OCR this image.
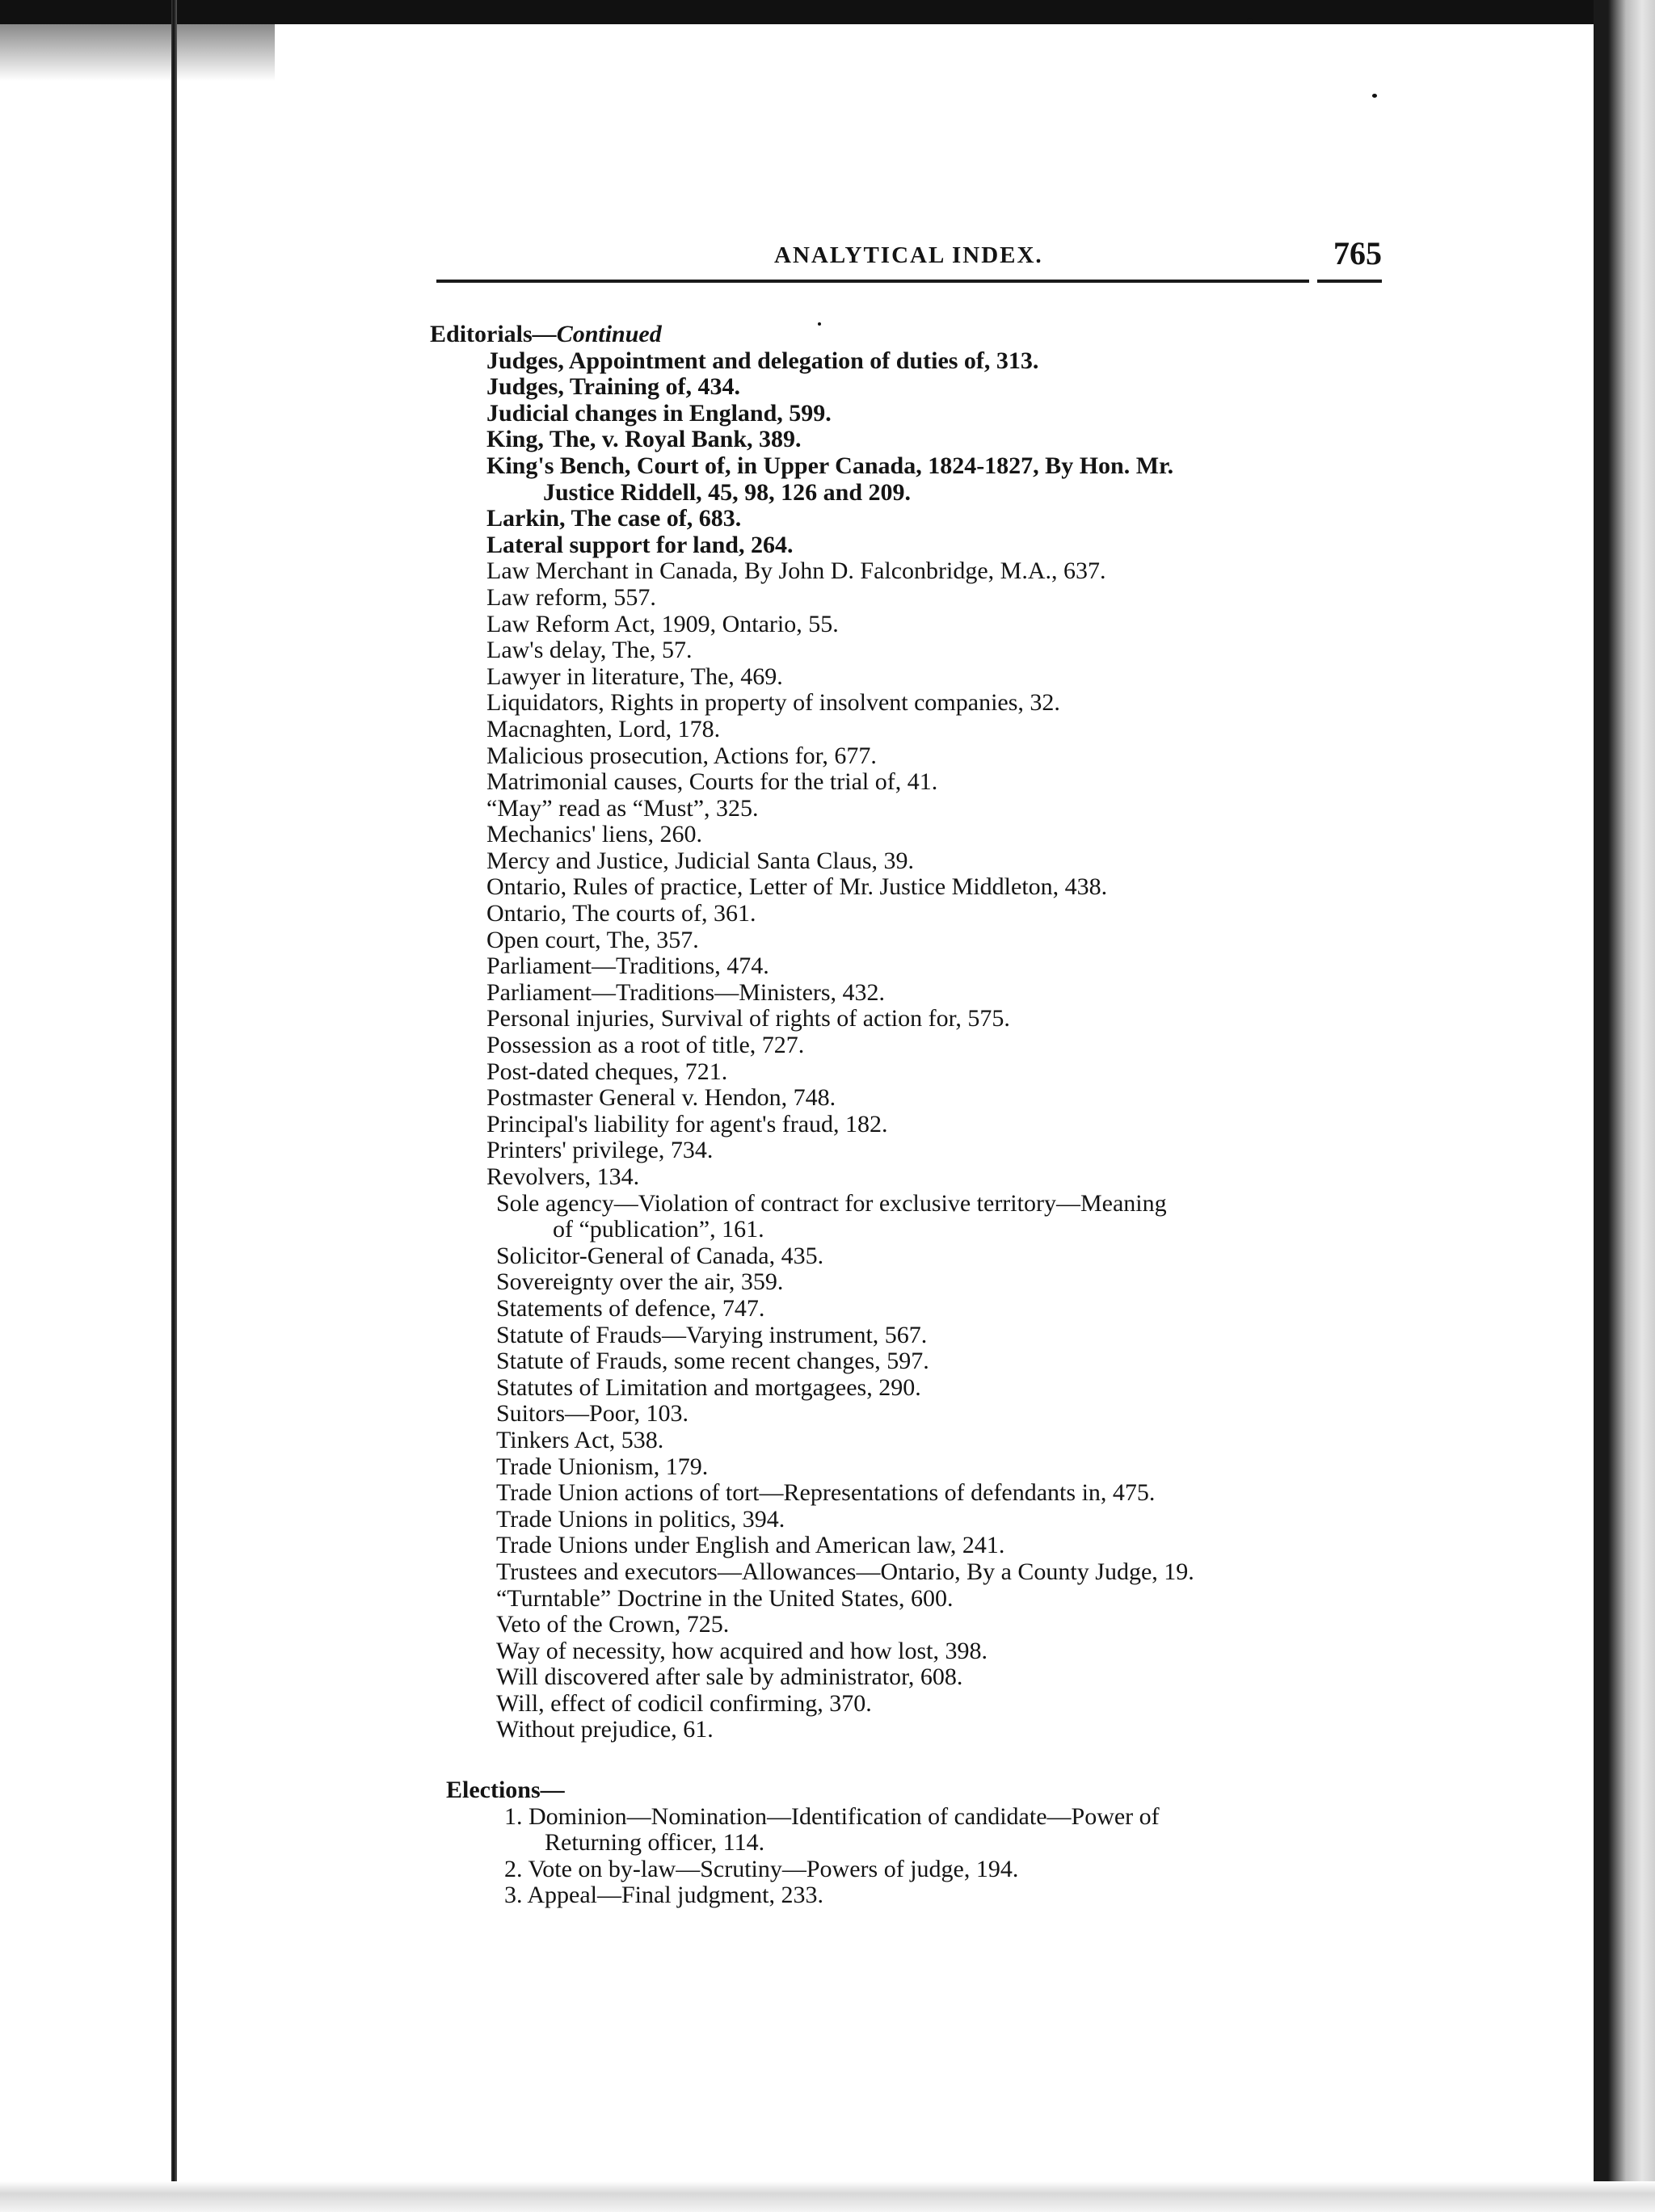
ANALYTICAL INDEX.	765
Editorials—Continued
Judges, Appointment and delegation of duties of, 313.
Judges, Training of, 434.
Judicial changes in England, 599.
King, The, v. Royal Bank, 389.
King's Bench, Court of, in Upper Canada, 1824-1827, By Hon. Mr.
Justice Riddell, 45, 98, 126 and 209.
Larkin, The case of, 683.
Lateral support for land, 264.
Law Merchant in Canada, By John D. Falconbridge, M.A., 637.
Law reform, 557.
Law Reform Act, 1909, Ontario, 55.
Law's delay, The, 57.
Lawyer in literature, The, 469.
Liquidators, Rights in property of insolvent companies, 32.
Macnaghten, Lord, 178.
Malicious prosecution, Actions for, 677.
Matrimonial causes, Courts for the trial of, 41.
“May” read as “Must”, 325.
Mechanics' liens, 260.
Mercy and Justice, Judicial Santa Claus, 39.
Ontario, Rules of practice, Letter of Mr. Justice Middleton, 438.
Ontario, The courts of, 361.
Open court, The, 357.
Parliament—Traditions, 474.
Parliament—Traditions—Ministers, 432.
Personal injuries, Survival of rights of action for, 575.
Possession as a root of title, 727.
Post-dated cheques, 721.
Postmaster General v. Hendon, 748.
Principal's liability for agent's fraud, 182.
Printers' privilege, 734.
Revolvers, 134.
Sole agency—Violation of contract for exclusive territory—Meaning
of “publication”, 161.
Solicitor-General of Canada, 435.
Sovereignty over the air, 359.
Statements of defence, 747.
Statute of Frauds—Varying instrument, 567.
Statute of Frauds, some recent changes, 597.
Statutes of Limitation and mortgagees, 290.
Suitors—Poor, 103.
Tinkers Act, 538.
Trade Unionism, 179.
Trade Union actions of tort—Representations of defendants in, 475.
Trade Unions in politics, 394.
Trade Unions under English and American law, 241.
Trustees and executors—Allowances—Ontario, By a County Judge, 19.
“Turntable” Doctrine in the United States, 600.
Veto of the Crown, 725.
Way of necessity, how acquired and how lost, 398.
Will discovered after sale by administrator, 608.
Will, effect of codicil confirming, 370.
Without prejudice, 61.
Elections—
1. Dominion—Nomination—Identification of candidate—Power of
Returning officer, 114.
2. Vote on by-law—Scrutiny—Powers of judge, 194.
3. Appeal—Final judgment, 233.
